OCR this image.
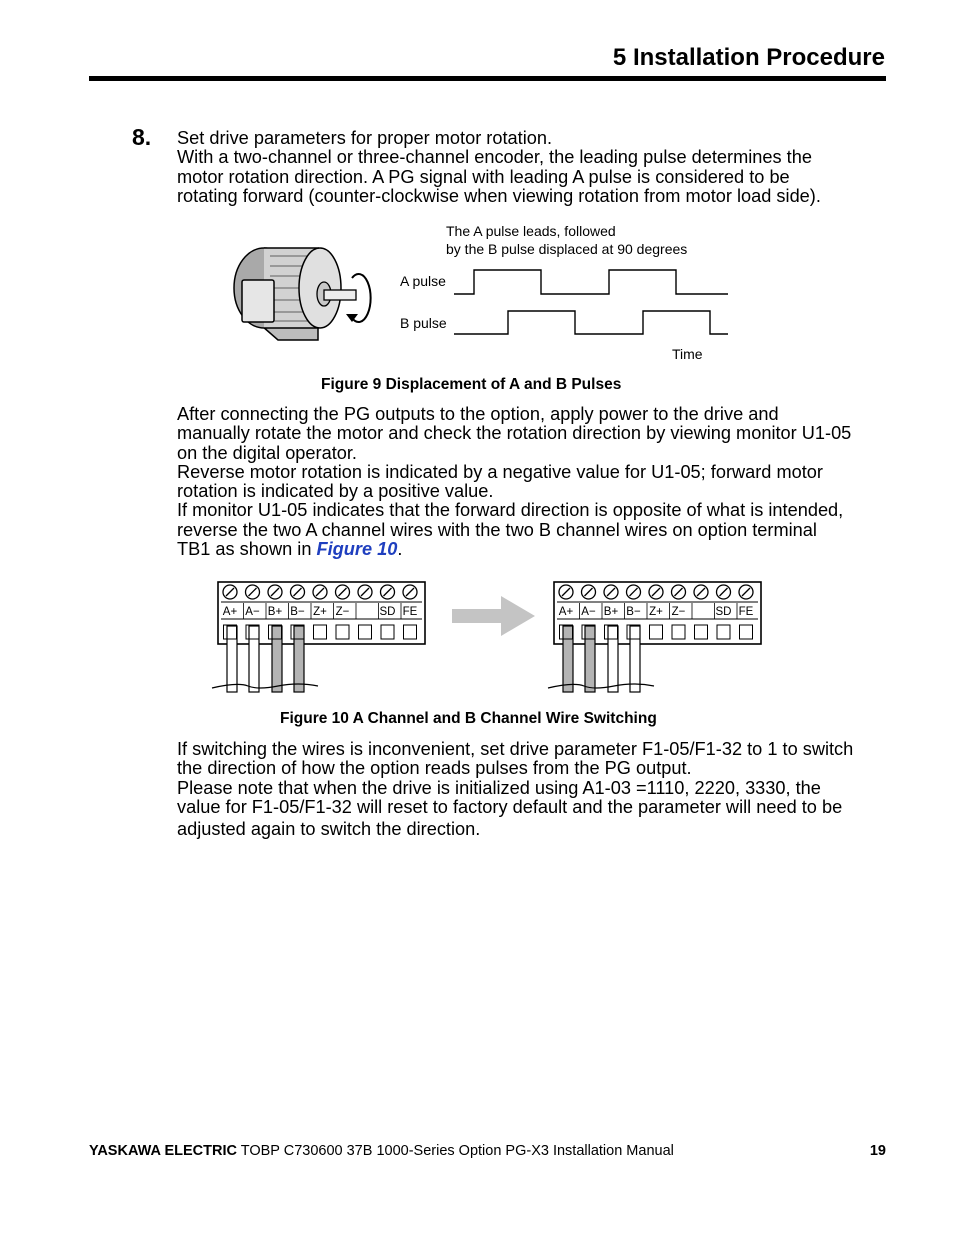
5 Installation Procedure
8. Set drive parameters for proper motor rotation.

With a two-channel or three-channel encoder, the leading pulse determines the

motor rotation direction. A PG signal with leading A pulse is considered to be

rotating forward (counter-clockwise when viewing rotation from motor load side).

The A pulse leads, followed
by the B pulse displaced at 90 degrees
A pulse
B pulse
Time
Figure 9 Displacement of A and B Pulses

After connecting the PG outputs to the option, apply power to the drive and

manually rotate the motor and check the rotation direction by viewing monitor U1-05

on the digital operator.

Reverse motor rotation is indicated by a negative value for U1-05; forward motor

rotation is indicated by a positive value.

If monitor U1-05 indicates that the forward direction is opposite of what is intended,

reverse the two A channel wires with the two B channel wires on option terminal

TB1 as shown in Figure 10.

A+ A− B+ B− Z+ Z−	SD FE	A+ A− B+ B− Z+ Z−	SD FE
Figure 10 A Channel and B Channel Wire Switching

If switching the wires is inconvenient, set drive parameter F1-05/F1-32 to 1 to switch

the direction of how the option reads pulses from the PG output.

Please note that when the drive is initialized using A1-03 =1110, 2220, 3330, the

value for F1-05/F1-32 will reset to factory default and the parameter will need to be

adjusted again to switch the direction.

YASKAWA ELECTRIC TOBP C730600 37B 1000-Series Option PG-X3 Installation Manual	19
